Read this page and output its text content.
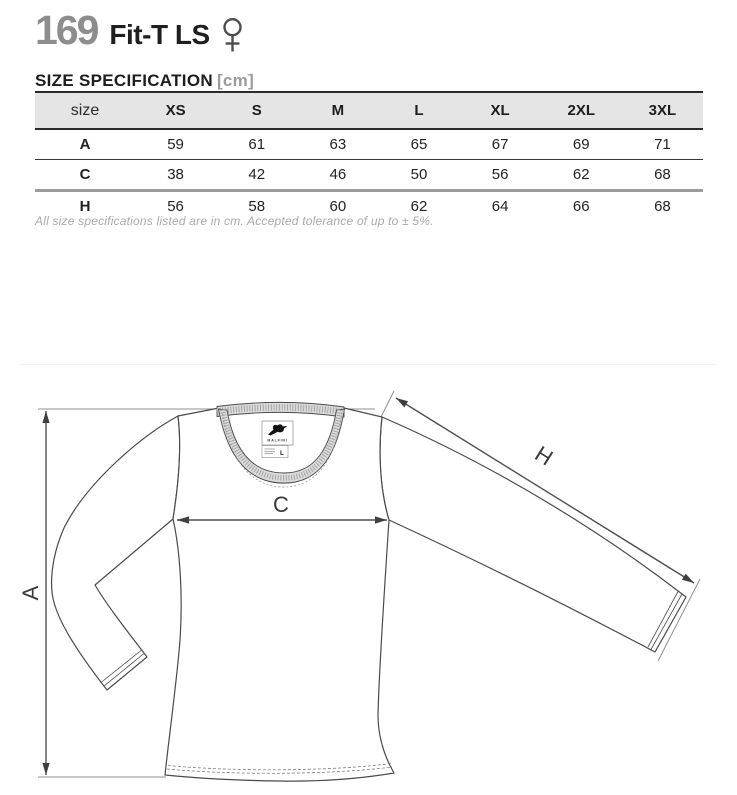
169 Fit-T LS
SIZE SPECIFICATION [cm]
size	XS	S	M	L	XL	2XL	3XL
A	59	61	63	65	67	69	71
C	38	42	46	50	56	62	68
H	56	58	60	62	64	66	68
All size specifications listed are in cm. Accepted tolerance of up to ± 5%.
MALFINI
L
A
C
H
